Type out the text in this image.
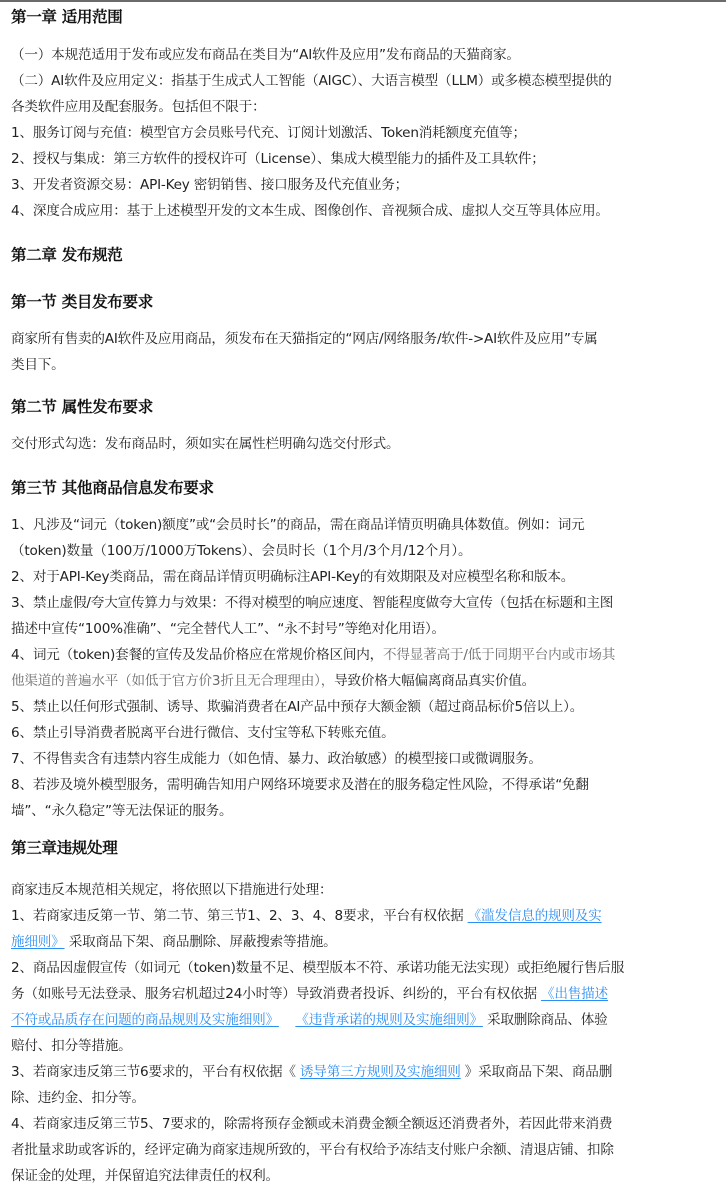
第一章 适用范围
（一）本规范适用于发布或应发布商品在类目为“AI软件及应用”发布商品的天猫商家。
（二）AI软件及应用定义：指基于生成式人工智能（AIGC）、大语言模型（LLM）或多模态模型提供的
各类软件应用及配套服务。包括但不限于：
1、服务订阅与充值：模型官方会员账号代充、订阅计划激活、Token消耗额度充值等；
2、授权与集成：第三方软件的授权许可（License）、集成大模型能力的插件及工具软件；
3、开发者资源交易：API-Key 密钥销售、接口服务及代充值业务；
4、深度合成应用：基于上述模型开发的文本生成、图像创作、音视频合成、虚拟人交互等具体应用。
第二章 发布规范
第一节 类目发布要求
商家所有售卖的AI软件及应用商品，须发布在天猫指定的“网店/网络服务/软件->AI软件及应用”专属
类目下。
第二节 属性发布要求
交付形式勾选：发布商品时，须如实在属性栏明确勾选交付形式。
第三节 其他商品信息发布要求
1、凡涉及“词元（token)额度”或“会员时长”的商品，需在商品详情页明确具体数值。例如：词元
（token)数量（100万/1000万Tokens）、会员时长（1个月/3个月/12个月）。
2、对于API-Key类商品，需在商品详情页明确标注API-Key的有效期限及对应模型名称和版本。
3、禁止虚假/夸大宣传算力与效果：不得对模型的响应速度、智能程度做夸大宣传（包括在标题和主图
描述中宣传“100%准确”、“完全替代人工”、“永不封号”等绝对化用语）。
4、词元（token)套餐的宣传及发品价格应在常规价格区间内，不得显著高于/低于同期平台内或市场其
他渠道的普遍水平（如低于官方价3折且无合理理由），导致价格大幅偏离商品真实价值。
5、禁止以任何形式强制、诱导、欺骗消费者在AI产品中预存大额金额（超过商品标价5倍以上）。
6、禁止引导消费者脱离平台进行微信、支付宝等私下转账充值。
7、不得售卖含有违禁内容生成能力（如色情、暴力、政治敏感）的模型接口或微调服务。
8、若涉及境外模型服务，需明确告知用户网络环境要求及潜在的服务稳定性风险，不得承诺“免翻
墙”、“永久稳定”等无法保证的服务。
第三章违规处理
商家违反本规范相关规定，将依照以下措施进行处理：
1、若商家违反第一节、第二节、第三节1、2、3、4、8要求，平台有权依据 《滥发信息的规则及实
施细则》 采取商品下架、商品删除、屏蔽搜索等措施。
2、商品因虚假宣传（如词元（token)数量不足、模型版本不符、承诺功能无法实现）或拒绝履行售后服
务（如账号无法登录、服务宕机超过24小时等）导致消费者投诉、纠纷的，平台有权依据 《出售描述
不符或品质存在问题的商品规则及实施细则》 《违背承诺的规则及实施细则》 采取删除商品、体验
赔付、扣分等措施。
3、若商家违反第三节6要求的，平台有权依据《 诱导第三方规则及实施细则 》采取商品下架、商品删
除、违约金、扣分等。
4、若商家违反第三节5、7要求的，除需将预存金额或未消费金额全额返还消费者外，若因此带来消费
者批量求助或客诉的，经评定确为商家违规所致的，平台有权给予冻结支付账户余额、清退店铺、扣除
保证金的处理，并保留追究法律责任的权利。
